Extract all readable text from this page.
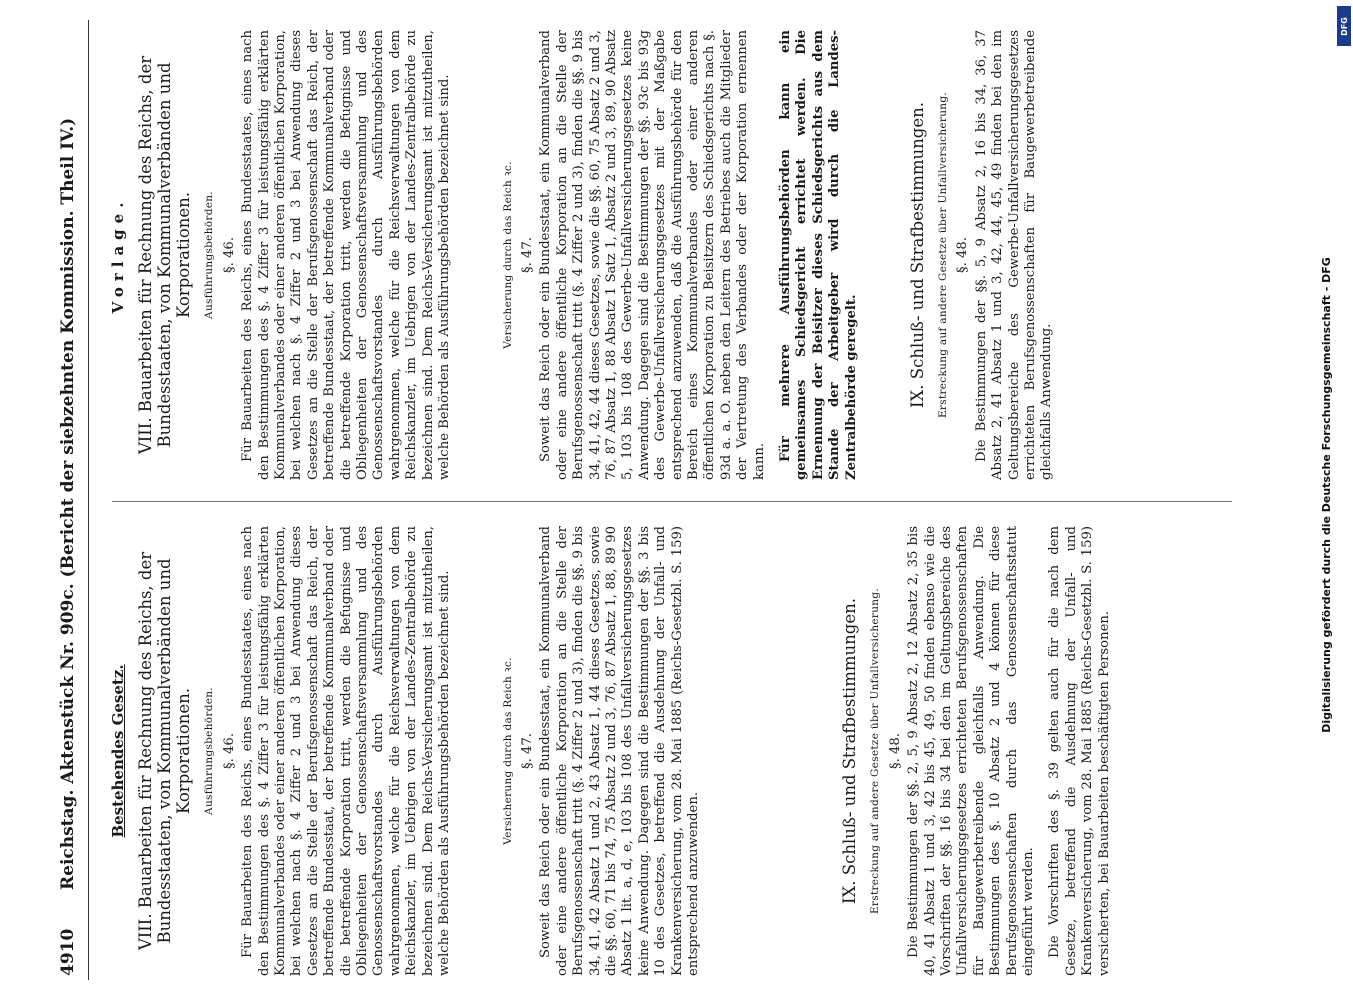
4910
Reichstag. Aktenstück Nr. 909c. (Bericht der siebzehnten Kommission. Theil IV.) Bestehendes Gesetz. VIII. Bauarbeiten für Rechnung des Reichs, der Bundesstaaten, von Kommunalverbänden und Korporationen. Ausführungsbehörden. §. 46. Für Bauarbeiten des Reichs, eines Bundesstaates, eines nach den Bestimmungen des §. 4 Ziffer 3 für leistungsfähig erklärten Kommunalverbandes oder einer anderen öffentlichen Korporation, bei welchen nach §. 4 Ziffer 2 und 3 bei Anwendung dieses Gesetzes an die Stelle der Berufsgenossenschaft das Reich, der betreffende Bundesstaat, der betreffende Kommunalverband oder die betreffende Korporation tritt, werden die Befugnisse und Obliegenheiten der Genossenschaftsversammlung und des Genossenschaftsvorstandes durch Ausführungsbehörden wahrgenommen, welche für die Reichsverwaltungen von dem Reichskanzler, im Uebrigen von der Landes-Zentralbehörde zu bezeichnen sind. Dem Reichs-Versicherungsamt ist mitzutheilen, welche Behörden als Ausführungsbehörden bezeichnet sind.	Versicherung durch das Reich ꝛc. §. 47. Soweit das Reich oder ein Bundesstaat, ein Kommunalverband oder eine andere öffentliche Korporation an die Stelle der Berufsgenossenschaft tritt (§. 4 Ziffer 2 und 3), finden die §§. 9 bis 34, 41, 42 Absatz 1 und 2, 43 Absatz 1, 44 dieses Gesetzes, sowie die §§. 60, 71 bis 74, 75 Absatz 2 und 3, 76, 87 Absatz 1, 88, 89 90 Absatz 1 lit. a, d, e, 103 bis 108 des Unfallversicherungsgesetzes keine Anwendung. Dagegen sind die Bestimmungen der §§. 3 bis 10 des Gesetzes, betreffend die Ausdehnung der Unfall- und Krankenversicherung, vom 28. Mai 1885 (Reichs-Gesetzbl. S. 159) entsprechend anzuwenden.	IX. Schluß- und Strafbestimmungen. Erstreckung auf andere Gesetze über Unfallversicherung. §. 48. Die Bestimmungen der §§. 2, 5, 9 Absatz 2, 12 Absatz 2, 35 bis 40, 41 Absatz 1 und 3, 42 bis 45, 49, 50 finden ebenso wie die Vorschriften der §§. 16 bis 34 bei den im Geltungsbereiche des Unfallversicherungsgesetzes errichteten Berufsgenossenschaften für Baugewerbetreibende gleichfalls Anwendung. Die Bestimmungen des §. 10 Absatz 2 und 4 können für diese Berufsgenossenschaften durch das Genossenschaftsstatut eingeführt werden. Die Vorschriften des §. 39 gelten auch für die nach dem Gesetze, betreffend die Ausdehnung der Unfall- und Krankenversicherung, vom 28. Mai 1885 (Reichs-Gesetzbl. S. 159) versicherten, bei Bauarbeiten beschäftigten Personen.

Vorlage. VIII. Bauarbeiten für Rechnung des Reichs, der Bundesstaaten, von Kommunalverbänden und Korporationen. Ausführungsbehörden. §. 46. Für Bauarbeiten des Reichs, eines Bundesstaates, eines nach den Bestimmungen des §. 4 Ziffer 3 für leistungsfähig erklärten Kommunalverbandes oder einer anderen öffentlichen Korporation, bei welchen nach §. 4 Ziffer 2 und 3 bei Anwendung dieses Gesetzes an die Stelle der Berufsgenossenschaft das Reich, der betreffende Bundesstaat, der betreffende Kommunalverband oder die betreffende Korporation tritt, werden die Befugnisse und Obliegenheiten der Genossenschaftsversammlung und des Genossenschaftsvorstandes durch Ausführungsbehörden wahrgenommen, welche für die Reichsverwaltungen von dem Reichskanzler, im Uebrigen von der Landes-Zentralbehörde zu bezeichnen sind. Dem Reichs-Versicherungsamt ist mitzutheilen, welche Behörden als Ausführungsbehörden bezeichnet sind.	Versicherung durch das Reich ꝛc. §. 47. Soweit das Reich oder ein Bundesstaat, ein Kommunalverband oder eine andere öffentliche Korporation an die Stelle der Berufsgenossenschaft tritt (§. 4 Ziffer 2 und 3), finden die §§. 9 bis 34, 41, 42, 44 dieses Gesetzes, sowie die §§. 60, 75 Absatz 2 und 3, 76, 87 Absatz 1, 88 Absatz 1 Satz 1, Absatz 2 und 3, 89, 90 Absatz 5, 103 bis 108 des Gewerbe-Unfallversicherungsgesetzes keine Anwendung. Dagegen sind die Bestimmungen der §§. 93c bis 93g des Gewerbe-Unfallversicherungsgesetzes mit der Maßgabe entsprechend anzuwenden, daß die Ausführungsbehörde für den Bereich eines Kommunalverbandes oder einer anderen öffentlichen Korporation zu Beisitzern des Schiedsgerichts nach §. 93d a. a. O. neben den Leitern des Betriebes auch die Mitglieder der Vertretung des Verbandes oder der Korporation ernennen kann. Für mehrere Ausführungsbehörden kann ein gemeinsames Schiedsgericht errichtet werden. Die Ernennung der Beisitzer dieses Schiedsgerichts aus dem Stande der Arbeitgeber wird durch die Landes-Zentralbehörde geregelt.	IX. Schluß- und Strafbestimmungen. Erstreckung auf andere Gesetze über Unfallversicherung. §. 48. Die Bestimmungen der §§. 5, 9 Absatz 2, 16 bis 34, 36, 37 Absatz 2, 41 Absatz 1 und 3, 42, 44, 45, 49 finden bei den im Geltungsbereiche des Gewerbe-Unfallversicherungsgesetzes errichteten Berufsgenossenschaften für Baugewerbetreibende gleichfalls Anwendung.

DFG
Digitalisierung gefördert durch die Deutsche Forschungsgemeinschaft - DFG
